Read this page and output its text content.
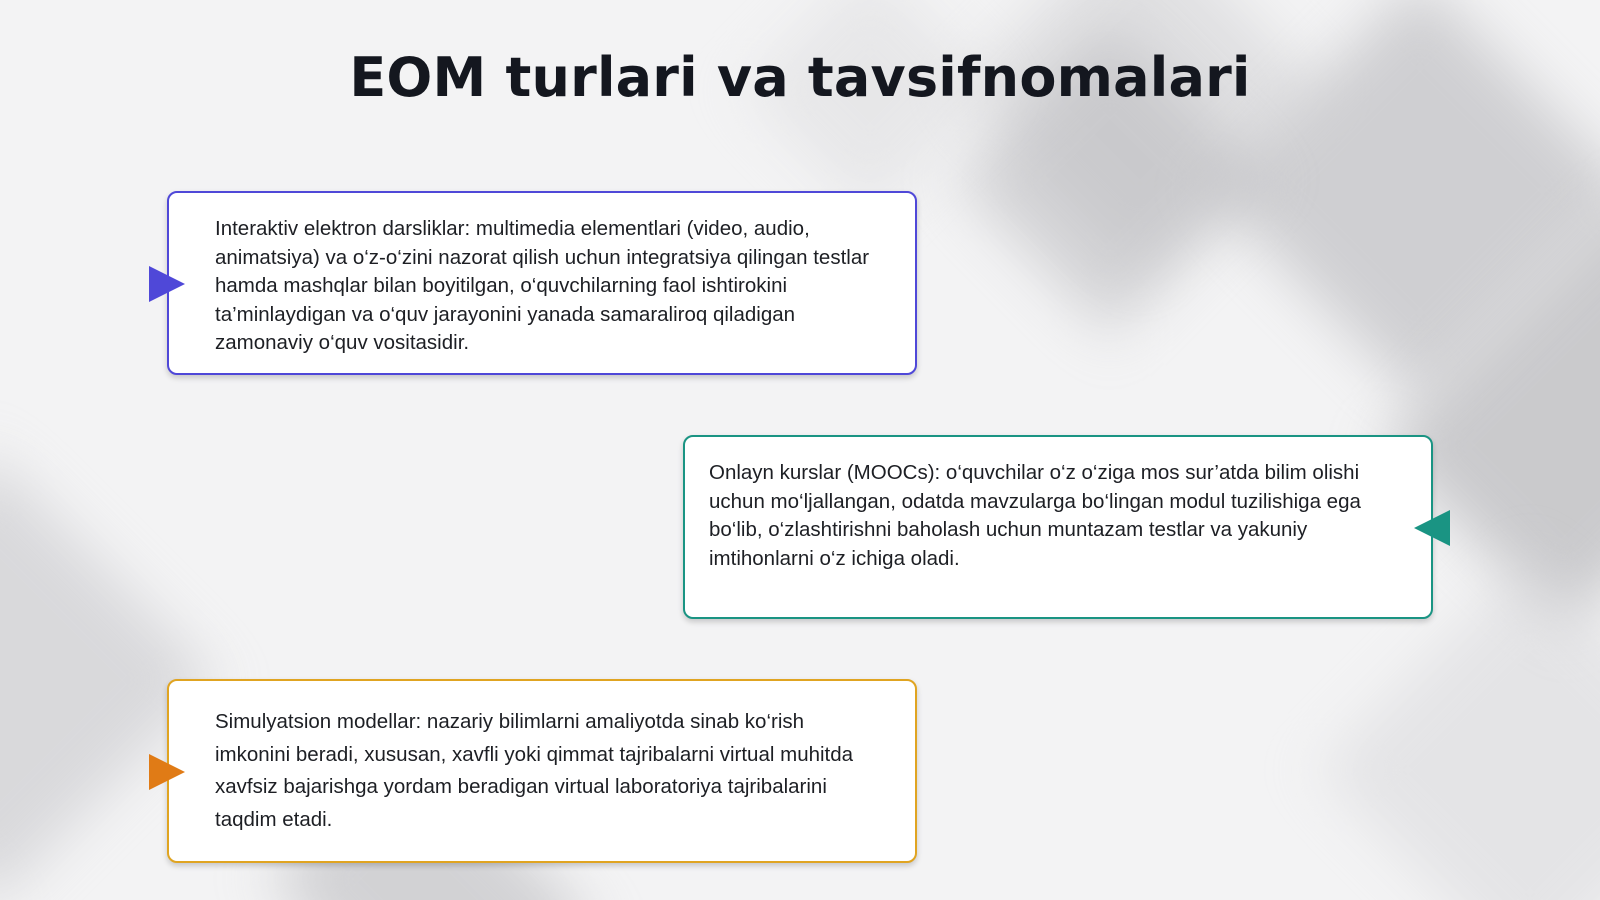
EOM turlari va tavsifnomalari

Interaktiv elektron darsliklar: multimedia elementlari (video, audio, animatsiya) va o‘z-o‘zini nazorat qilish uchun integratsiya qilingan testlar hamda mashqlar bilan boyitilgan, o‘quvchilarning faol ishtirokini ta’minlaydigan va o‘quv jarayonini yanada samaraliroq qiladigan zamonaviy o‘quv vositasidir.

Onlayn kurslar (MOOCs): o‘quvchilar o‘z o‘ziga mos sur’atda bilim olishi uchun mo‘ljallangan, odatda mavzularga bo‘lingan modul tuzilishiga ega bo‘lib, o‘zlashtirishni baholash uchun muntazam testlar va yakuniy imtihonlarni o‘z ichiga oladi.

Simulyatsion modellar: nazariy bilimlarni amaliyotda sinab ko‘rish imkonini beradi, xususan, xavfli yoki qimmat tajribalarni virtual muhitda xavfsiz bajarishga yordam beradigan virtual laboratoriya tajribalarini taqdim etadi.
